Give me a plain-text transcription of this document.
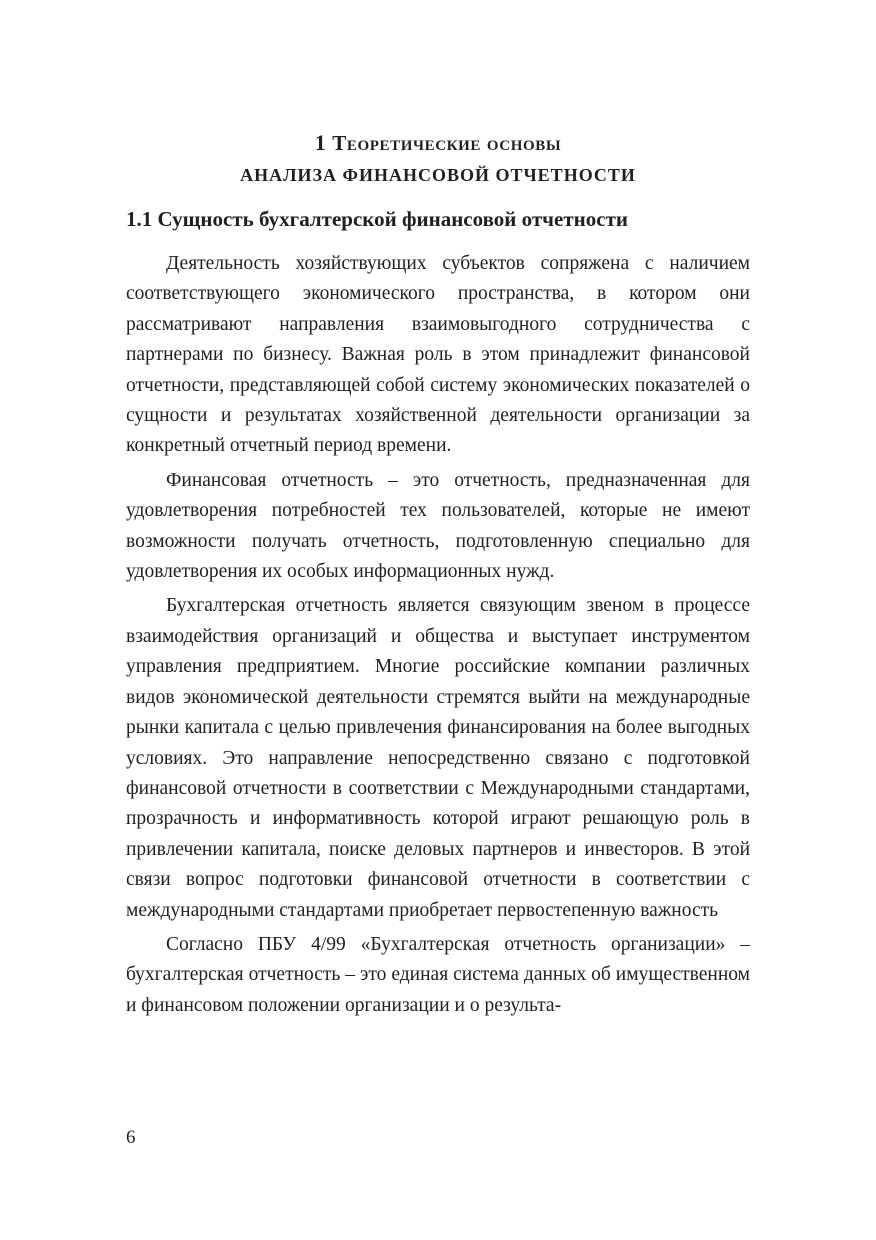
1 Теоретические основы
АНАЛИЗА ФИНАНСОВОЙ ОТЧЕТНОСТИ
1.1 Сущность бухгалтерской финансовой отчетности

Деятельность хозяйствующих субъектов сопряжена с наличием соответствующего экономического пространства, в котором они рассматривают направления взаимовыгодного сотрудничества с партнерами по бизнесу. Важная роль в этом принадлежит финансовой отчетности, представляющей собой систему экономических показателей о сущности и результатах хозяйственной деятельности организации за конкретный отчетный период времени.

Финансовая отчетность – это отчетность, предназначенная для удовлетворения потребностей тех пользователей, которые не имеют возможности получать отчетность, подготовленную специально для удовлетворения их особых информационных нужд.

Бухгалтерская отчетность является связующим звеном в процессе взаимодействия организаций и общества и выступает инструментом управления предприятием. Многие российские компании различных видов экономической деятельности стремятся выйти на международные рынки капитала с целью привлечения финансирования на более выгодных условиях. Это направление непосредственно связано с подготовкой финансовой отчетности в соответствии с Международными стандартами, прозрачность и информативность которой играют решающую роль в привлечении капитала, поиске деловых партнеров и инвесторов. В этой связи вопрос подготовки финансовой отчетности в соответствии с международными стандартами приобретает первостепенную важность

Согласно ПБУ 4/99 «Бухгалтерская отчетность организации» – бухгалтерская отчетность – это единая система данных об имущественном и финансовом положении организации и о результа-

6
